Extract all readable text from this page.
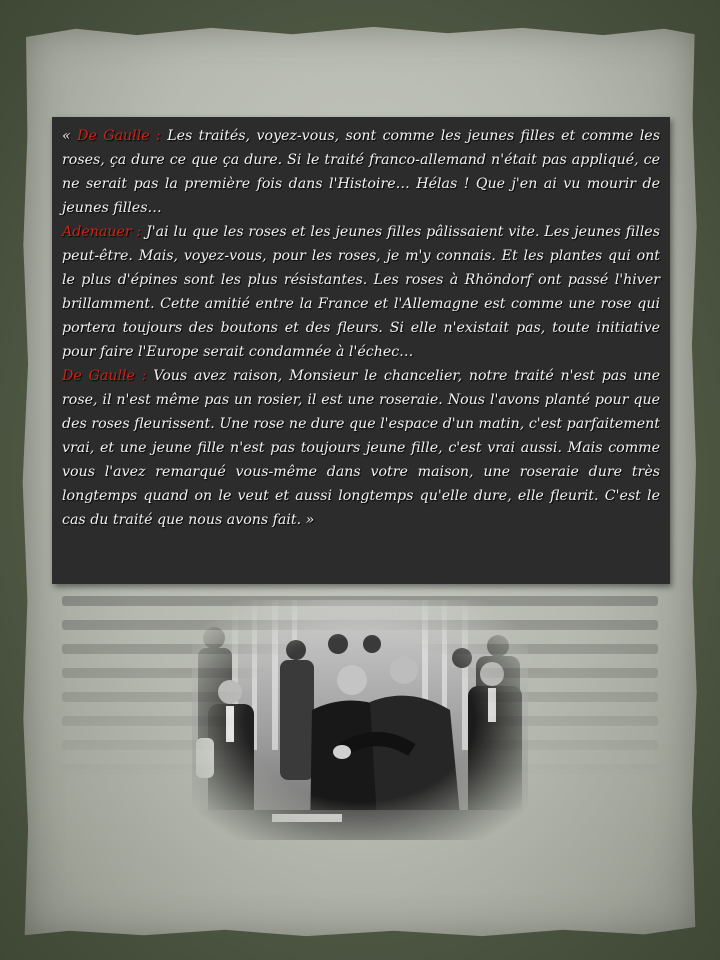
« De Gaulle : Les traités, voyez-vous, sont comme les jeunes filles et comme les roses, ça dure ce que ça dure. Si le traité franco-allemand n'était pas appliqué, ce ne serait pas la première fois dans l'Histoire… Hélas ! Que j'en ai vu mourir de jeunes filles…
Adenauer : J'ai lu que les roses et les jeunes filles pâlissaient vite. Les jeunes filles peut-être. Mais, voyez-vous, pour les roses, je m'y connais. Et les plantes qui ont le plus d'épines sont les plus résistantes. Les roses à Rhöndorf ont passé l'hiver brillamment. Cette amitié entre la France et l'Allemagne est comme une rose qui portera toujours des boutons et des fleurs. Si elle n'existait pas, toute initiative pour faire l'Europe serait condamnée à l'échec…
De Gaulle : Vous avez raison, Monsieur le chancelier, notre traité n'est pas une rose, il n'est même pas un rosier, il est une roseraie. Nous l'avons planté pour que des roses fleurissent. Une rose ne dure que l'espace d'un matin, c'est parfaitement vrai, et une jeune fille n'est pas toujours jeune fille, c'est vrai aussi. Mais comme vous l'avez remarqué vous-même dans votre maison, une roseraie dure très longtemps quand on le veut et aussi longtemps qu'elle dure, elle fleurit. C'est le cas du traité que nous avons fait. »
